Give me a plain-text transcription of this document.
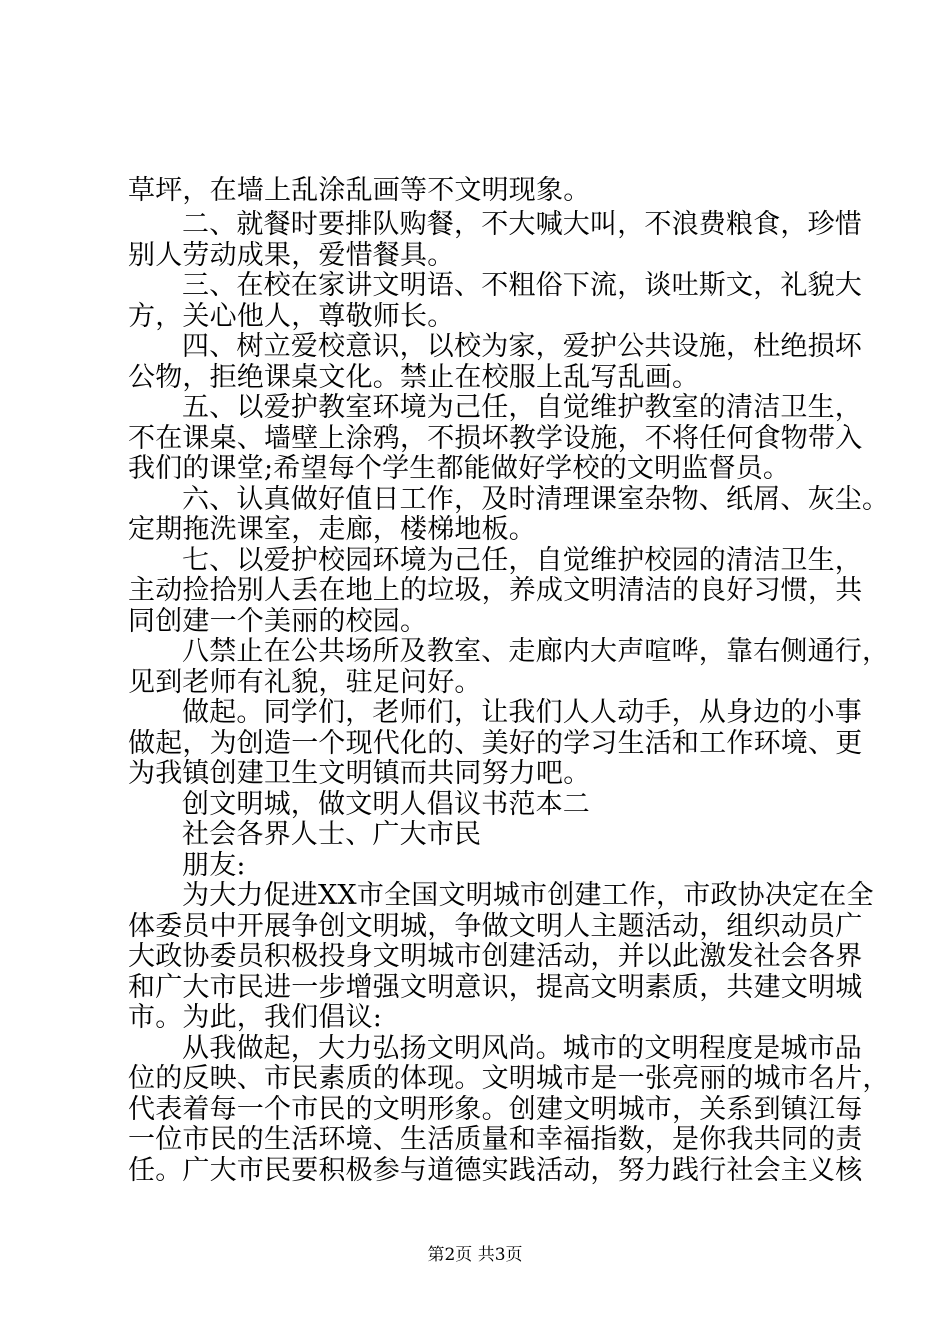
草坪，在墙上乱涂乱画等不文明现象。
二、就餐时要排队购餐，不大喊大叫，不浪费粮食，珍惜
别人劳动成果，爱惜餐具。
三、在校在家讲文明语、不粗俗下流，谈吐斯文，礼貌大
方，关心他人，尊敬师长。
四、树立爱校意识，以校为家，爱护公共设施，杜绝损坏
公物，拒绝课桌文化。禁止在校服上乱写乱画。
五、以爱护教室环境为己任，自觉维护教室的清洁卫生，
不在课桌、墙壁上涂鸦，不损坏教学设施，不将任何食物带入
我们的课堂;希望每个学生都能做好学校的文明监督员。
六、认真做好值日工作，及时清理课室杂物、纸屑、灰尘。
定期拖洗课室，走廊，楼梯地板。
七、以爱护校园环境为己任，自觉维护校园的清洁卫生，
主动捡拾别人丢在地上的垃圾，养成文明清洁的良好习惯，共
同创建一个美丽的校园。
八禁止在公共场所及教室、走廊内大声喧哗，靠右侧通行，
见到老师有礼貌，驻足问好。
做起。同学们，老师们，让我们人人动手，从身边的小事
做起，为创造一个现代化的、美好的学习生活和工作环境、更
为我镇创建卫生文明镇而共同努力吧。
创文明城，做文明人倡议书范本二
社会各界人士、广大市民
朋友:
为大力促进XX市全国文明城市创建工作，市政协决定在全
体委员中开展争创文明城，争做文明人主题活动，组织动员广
大政协委员积极投身文明城市创建活动，并以此激发社会各界
和广大市民进一步增强文明意识，提高文明素质，共建文明城
市。为此，我们倡议:
从我做起，大力弘扬文明风尚。城市的文明程度是城市品
位的反映、市民素质的体现。文明城市是一张亮丽的城市名片，
代表着每一个市民的文明形象。创建文明城市，关系到镇江每
一位市民的生活环境、生活质量和幸福指数，是你我共同的责
任。广大市民要积极参与道德实践活动，努力践行社会主义核
第2页 共3页
